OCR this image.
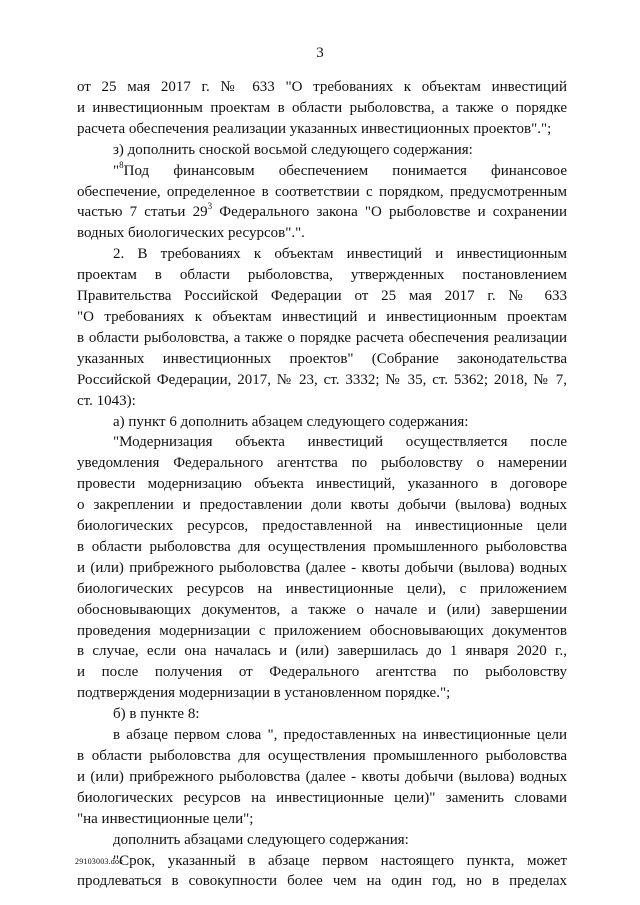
3
от 25 мая 2017 г. № 633 "О требованиях к объектам инвестиций
и инвестиционным проектам в области рыболовства, а также о порядке
расчета обеспечения реализации указанных инвестиционных проектов".";
з) дополнить сноской восьмой следующего содержания:
"$^8$Под финансовым обеспечением понимается финансовое
обеспечение, определенное в соответствии с порядком, предусмотренным
частью 7 статьи $29^3$ Федерального закона "О рыболовстве и сохранении
водных биологических ресурсов".".
2. В требованиях к объектам инвестиций и инвестиционным
проектам в области рыболовства, утвержденных постановлением
Правительства Российской Федерации от 25 мая 2017 г. № 633
"О требованиях к объектам инвестиций и инвестиционным проектам
в области рыболовства, а также о порядке расчета обеспечения реализации
указанных инвестиционных проектов" (Собрание законодательства
Российской Федерации, 2017, № 23, ст. 3332; № 35, ст. 5362; 2018, № 7,
ст. 1043):
а) пункт 6 дополнить абзацем следующего содержания:
"Модернизация объекта инвестиций осуществляется после
уведомления Федерального агентства по рыболовству о намерении
провести модернизацию объекта инвестиций, указанного в договоре
о закреплении и предоставлении доли квоты добычи (вылова) водных
биологических ресурсов, предоставленной на инвестиционные цели
в области рыболовства для осуществления промышленного рыболовства
и (или) прибрежного рыболовства (далее - квоты добычи (вылова) водных
биологических ресурсов на инвестиционные цели), с приложением
обосновывающих документов, а также о начале и (или) завершении
проведения модернизации с приложением обосновывающих документов
в случае, если она началась и (или) завершилась до 1 января 2020 г.,
и после получения от Федерального агентства по рыболовству
подтверждения модернизации в установленном порядке.";
б) в пункте 8:
в абзаце первом слова ", предоставленных на инвестиционные цели
в области рыболовства для осуществления промышленного рыболовства
и (или) прибрежного рыболовства (далее - квоты добычи (вылова) водных
биологических ресурсов на инвестиционные цели)" заменить словами
"на инвестиционные цели";
дополнить абзацами следующего содержания:
"Срок, указанный в абзаце первом настоящего пункта, может
продлеваться в совокупности более чем на один год, но в пределах
29103003.doc
